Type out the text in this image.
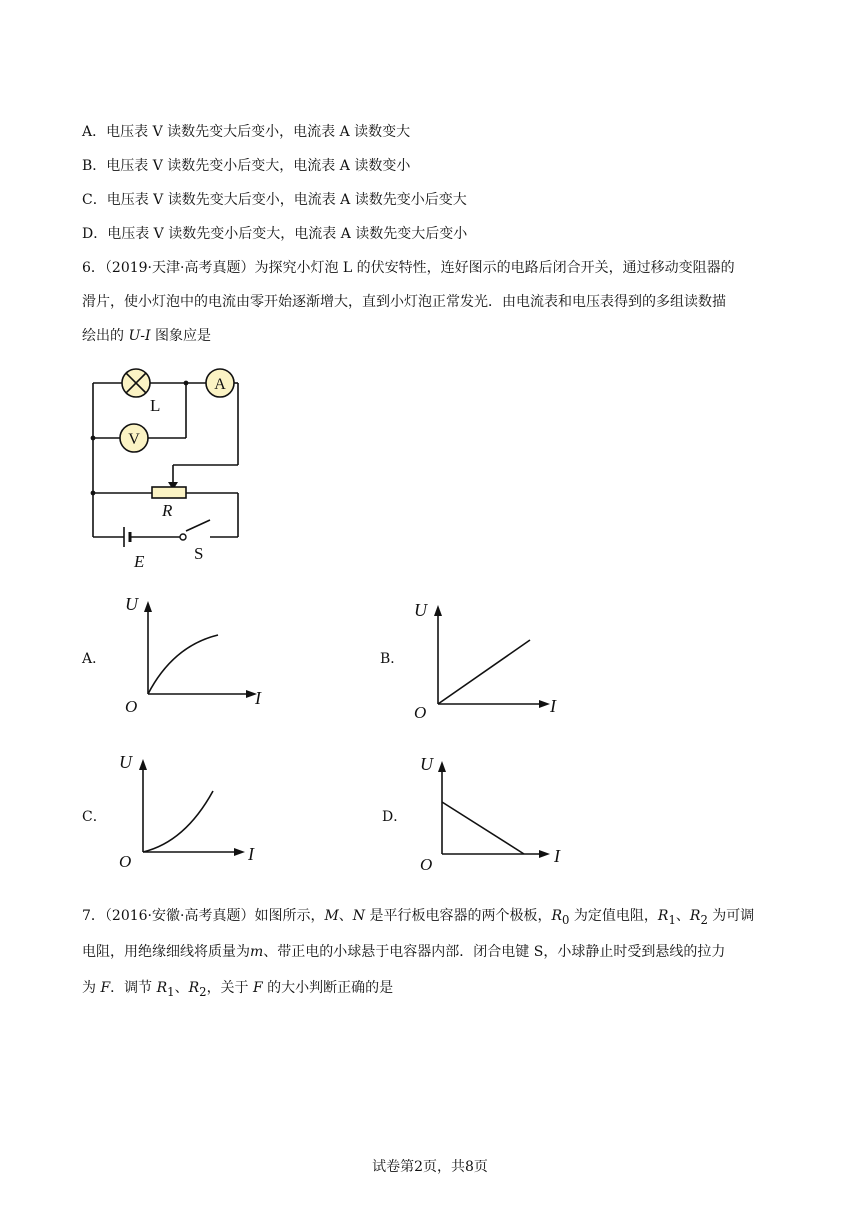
A．电压表 V 读数先变大后变小，电流表 A 读数变大
B．电压表 V 读数先变小后变大，电流表 A 读数变小
C．电压表 V 读数先变大后变小，电流表 A 读数先变小后变大
D．电压表 V 读数先变小后变大，电流表 A 读数先变大后变小
6．（2019·天津·高考真题）为探究小灯泡 L 的伏安特性，连好图示的电路后闭合开关，通过移动变阻器的
滑片，使小灯泡中的电流由零开始逐渐增大，直到小灯泡正常发光．由电流表和电压表得到的多组读数描
绘出的 U-I 图象应是
A
V
L
R
E	S
A．	B．
C．	D．
U
I
O
U
I
O
U
I
O
U
I
O
7．（2016·安徽·高考真题）如图所示，M、N 是平行板电容器的两个极板，$R_0$ 为定值电阻，$R_1$、$R_2$ 为可调
电阻，用绝缘细线将质量为m、带正电的小球悬于电容器内部．闭合电键 S，小球静止时受到悬线的拉力
为 F．调节 $R_1$、$R_2$，关于 F 的大小判断正确的是
试卷第2页，共8页
